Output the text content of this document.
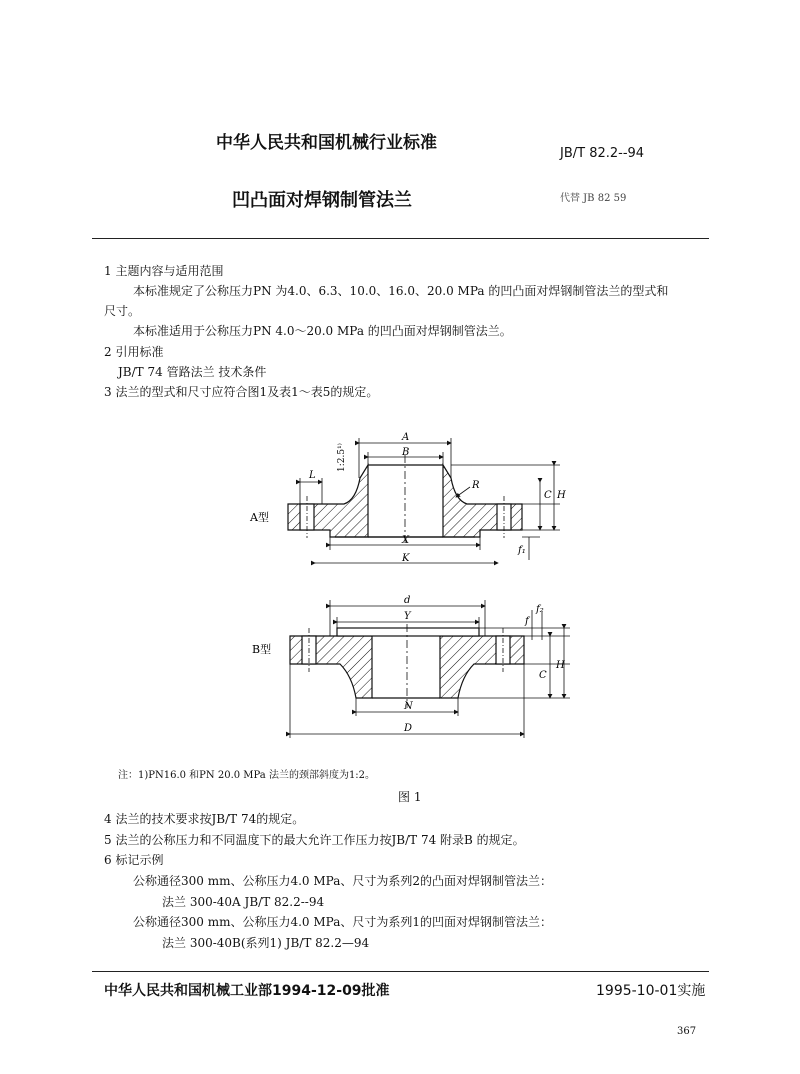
中华人民共和国机械行业标准
JB/T 82.2--94
凹凸面对焊钢制管法兰	代替 JB 82 59
1 主题内容与适用范围
本标准规定了公称压力PN 为4.0、6.3、10.0、16.0、20.0 MPa 的凹凸面对焊钢制管法兰的型式和
尺寸。
本标准适用于公称压力PN 4.0～20.0 MPa 的凹凸面对焊钢制管法兰。
2 引用标准
JB/T 74 管路法兰 技术条件
3 法兰的型式和尺寸应符合图1及表1～表5的规定。
A型
A
B
L
R
C H
X
K
f₁
1:2.5¹⁾
B型
d
Y	f
f₂
C
H
N
D
注：1)PN16.0 和PN 20.0 MPa 法兰的颈部斜度为1:2。
图 1
4 法兰的技术要求按JB/T 74的规定。
5 法兰的公称压力和不同温度下的最大允许工作压力按JB/T 74 附录B 的规定。
6 标记示例
公称通径300 mm、公称压力4.0 MPa、尺寸为系列2的凸面对焊钢制管法兰：
法兰 300-40A JB/T 82.2--94
公称通径300 mm、公称压力4.0 MPa、尺寸为系列1的凹面对焊钢制管法兰：
法兰 300-40B(系列1) JB/T 82.2—94
中华人民共和国机械工业部1994-12-09批准	1995-10-01实施
367
